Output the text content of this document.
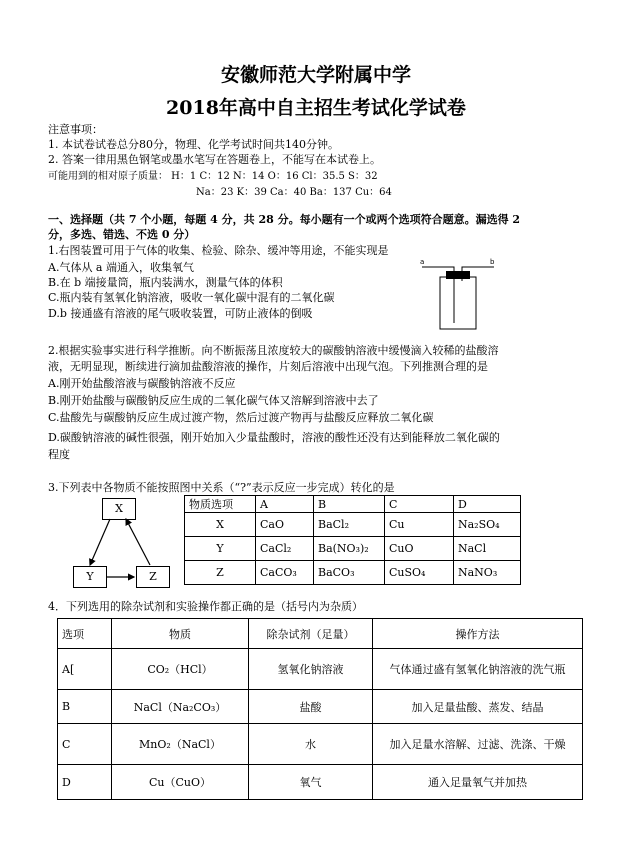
安徽师范大学附属中学
2018年高中自主招生考试化学试卷
注意事项：
1. 本试卷试卷总分80分，物理、化学考试时间共140分钟。
2. 答案一律用黑色钢笔或墨水笔写在答题卷上，不能写在本试卷上。
可能用到的相对原子质量： H：1 C：12 N：14 O：16 Cl：35.5 S：32
Na：23 K：39 Ca：40 Ba：137 Cu：64
一、选择题（共 7 个小题，每题 4 分，共 28 分。每小题有一个或两个选项符合题意。漏选得 2
分，多选、错选、不选 0 分）
1.右图装置可用于气体的收集、检验、除杂、缓冲等用途，不能实现是
A.气体从 a 端通入，收集氧气
B.在 b 端接量筒，瓶内装满水，测量气体的体积
C.瓶内装有氢氧化钠溶液，吸收一氧化碳中混有的二氧化碳
D.b 接通盛有溶液的尾气吸收装置，可防止液体的倒吸
a	b
2.根据实验事实进行科学推断。向不断振荡且浓度较大的碳酸钠溶液中缓慢滴入较稀的盐酸溶
液，无明显现，断续进行滴加盐酸溶液的操作，片刻后溶液中出现气泡。下列推测合理的是
A.刚开始盐酸溶液与碳酸钠溶液不反应
B.刚开始盐酸与碳酸钠反应生成的二氧化碳气体又溶解到溶液中去了
C.盐酸先与碳酸钠反应生成过渡产物，然后过渡产物再与盐酸反应释放二氧化碳
D.碳酸钠溶液的碱性很强，刚开始加入少量盐酸时，溶液的酸性还没有达到能释放二氧化碳的
程度
3.下列表中各物质不能按照图中关系（“?”表示反应一步完成）转化的是
X
Y	Z
物质选项	A	B	C	D
X	CaO	BaCl₂	Cu	Na₂SO₄
Y	CaCl₂	Ba(NO₃)₂	CuO	NaCl
Z	CaCO₃	BaCO₃	CuSO₄	NaNO₃
4．下列选用的除杂试剂和实验操作都正确的是（括号内为杂质）
选项	物质	除杂试剂（足量）	操作方法
A[	CO₂（HCl）	氢氧化钠溶液	气体通过盛有氢氧化钠溶液的洗气瓶
B	NaCl（Na₂CO₃）	盐酸	加入足量盐酸、蒸发、结晶
C	MnO₂（NaCl）	水	加入足量水溶解、过滤、洗涤、干燥
D	Cu（CuO）	氧气	通入足量氧气并加热
